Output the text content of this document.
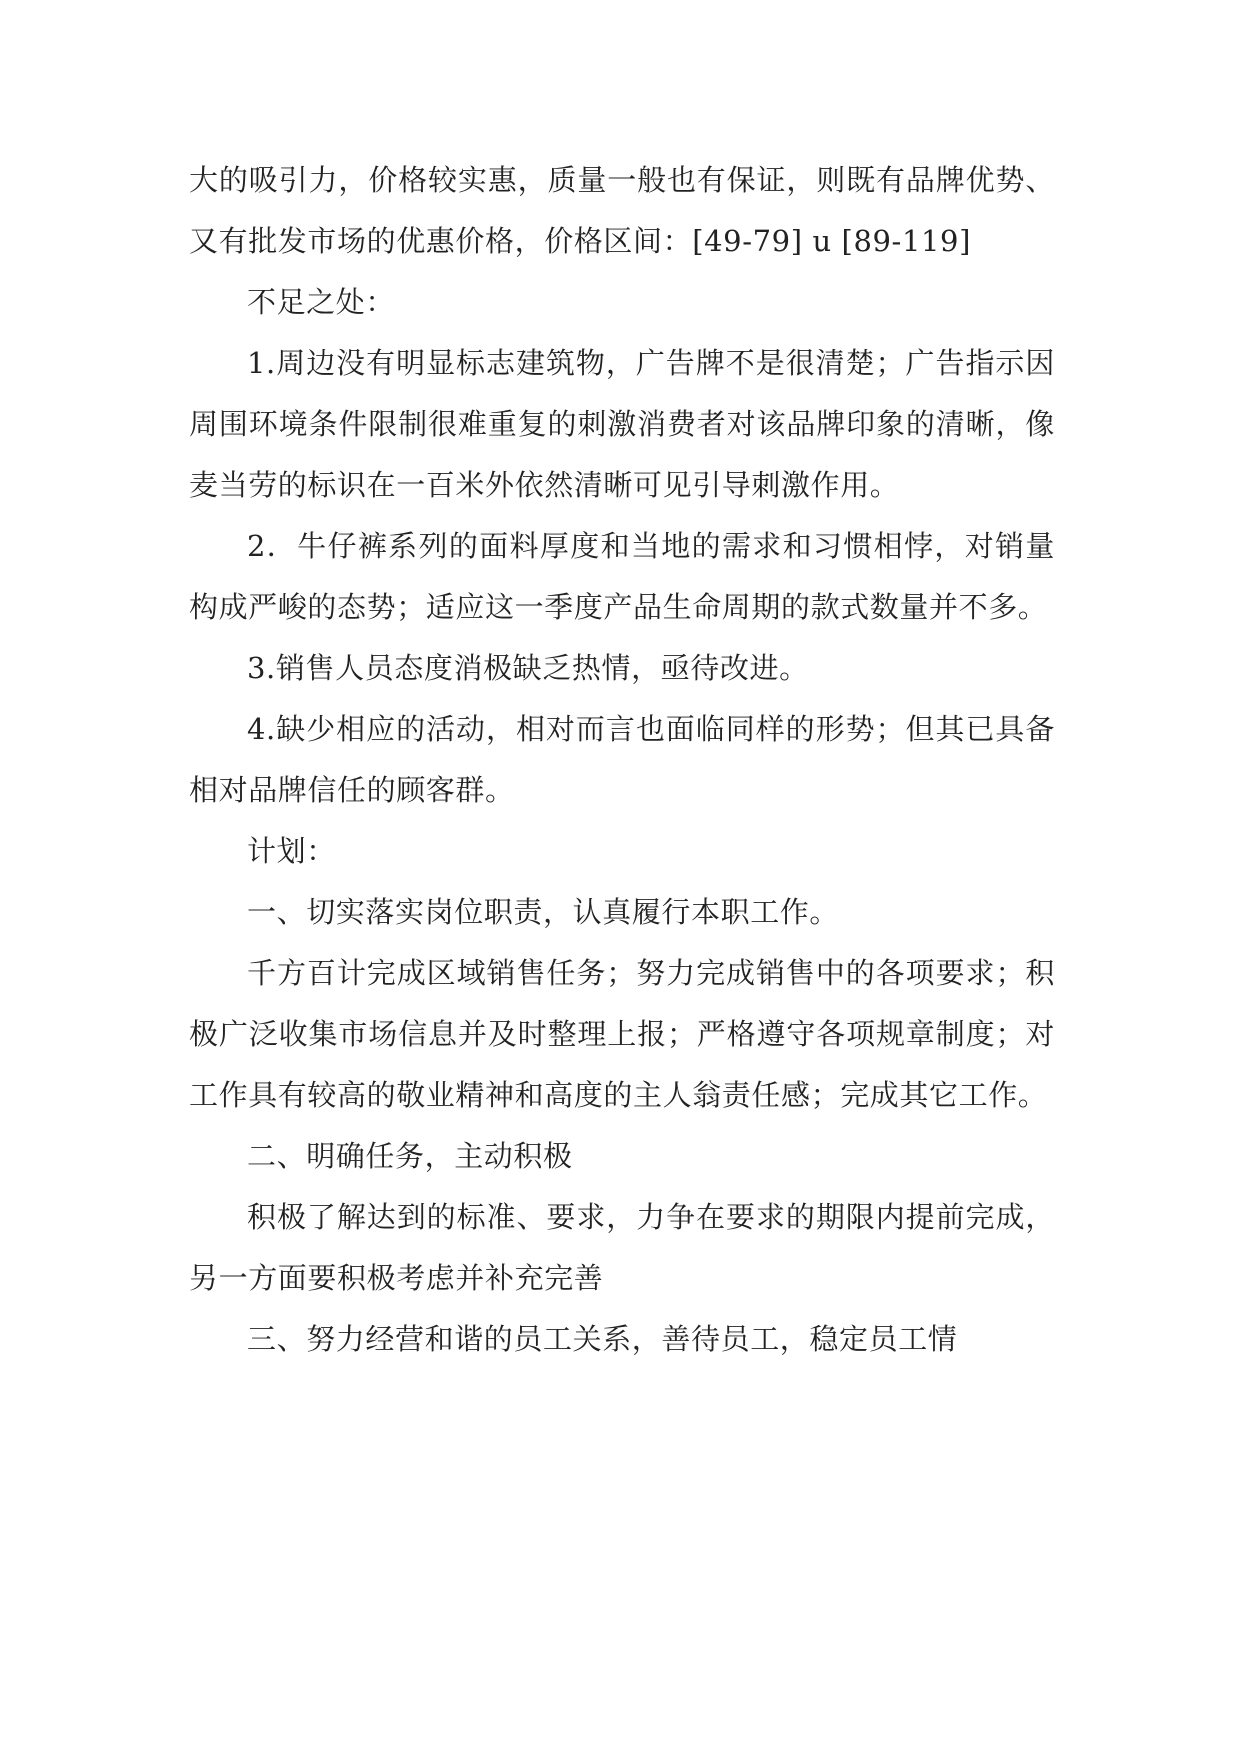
大的吸引力，价格较实惠，质量一般也有保证，则既有品牌优势、又有批发市场的优惠价格，价格区间：[49-79] u [89-119]

不足之处：

1.周边没有明显标志建筑物，广告牌不是很清楚；广告指示因周围环境条件限制很难重复的刺激消费者对该品牌印象的清晰，像麦当劳的标识在一百米外依然清晰可见引导刺激作用。

2．牛仔裤系列的面料厚度和当地的需求和习惯相悖，对销量构成严峻的态势；适应这一季度产品生命周期的款式数量并不多。

3.销售人员态度消极缺乏热情，亟待改进。

4.缺少相应的活动，相对而言也面临同样的形势；但其已具备相对品牌信任的顾客群。

计划：

一、切实落实岗位职责，认真履行本职工作。

千方百计完成区域销售任务；努力完成销售中的各项要求；积极广泛收集市场信息并及时整理上报；严格遵守各项规章制度；对工作具有较高的敬业精神和高度的主人翁责任感；完成其它工作。

二、明确任务，主动积极

积极了解达到的标准、要求，力争在要求的期限内提前完成，另一方面要积极考虑并补充完善

三、努力经营和谐的员工关系，善待员工，稳定员工情
